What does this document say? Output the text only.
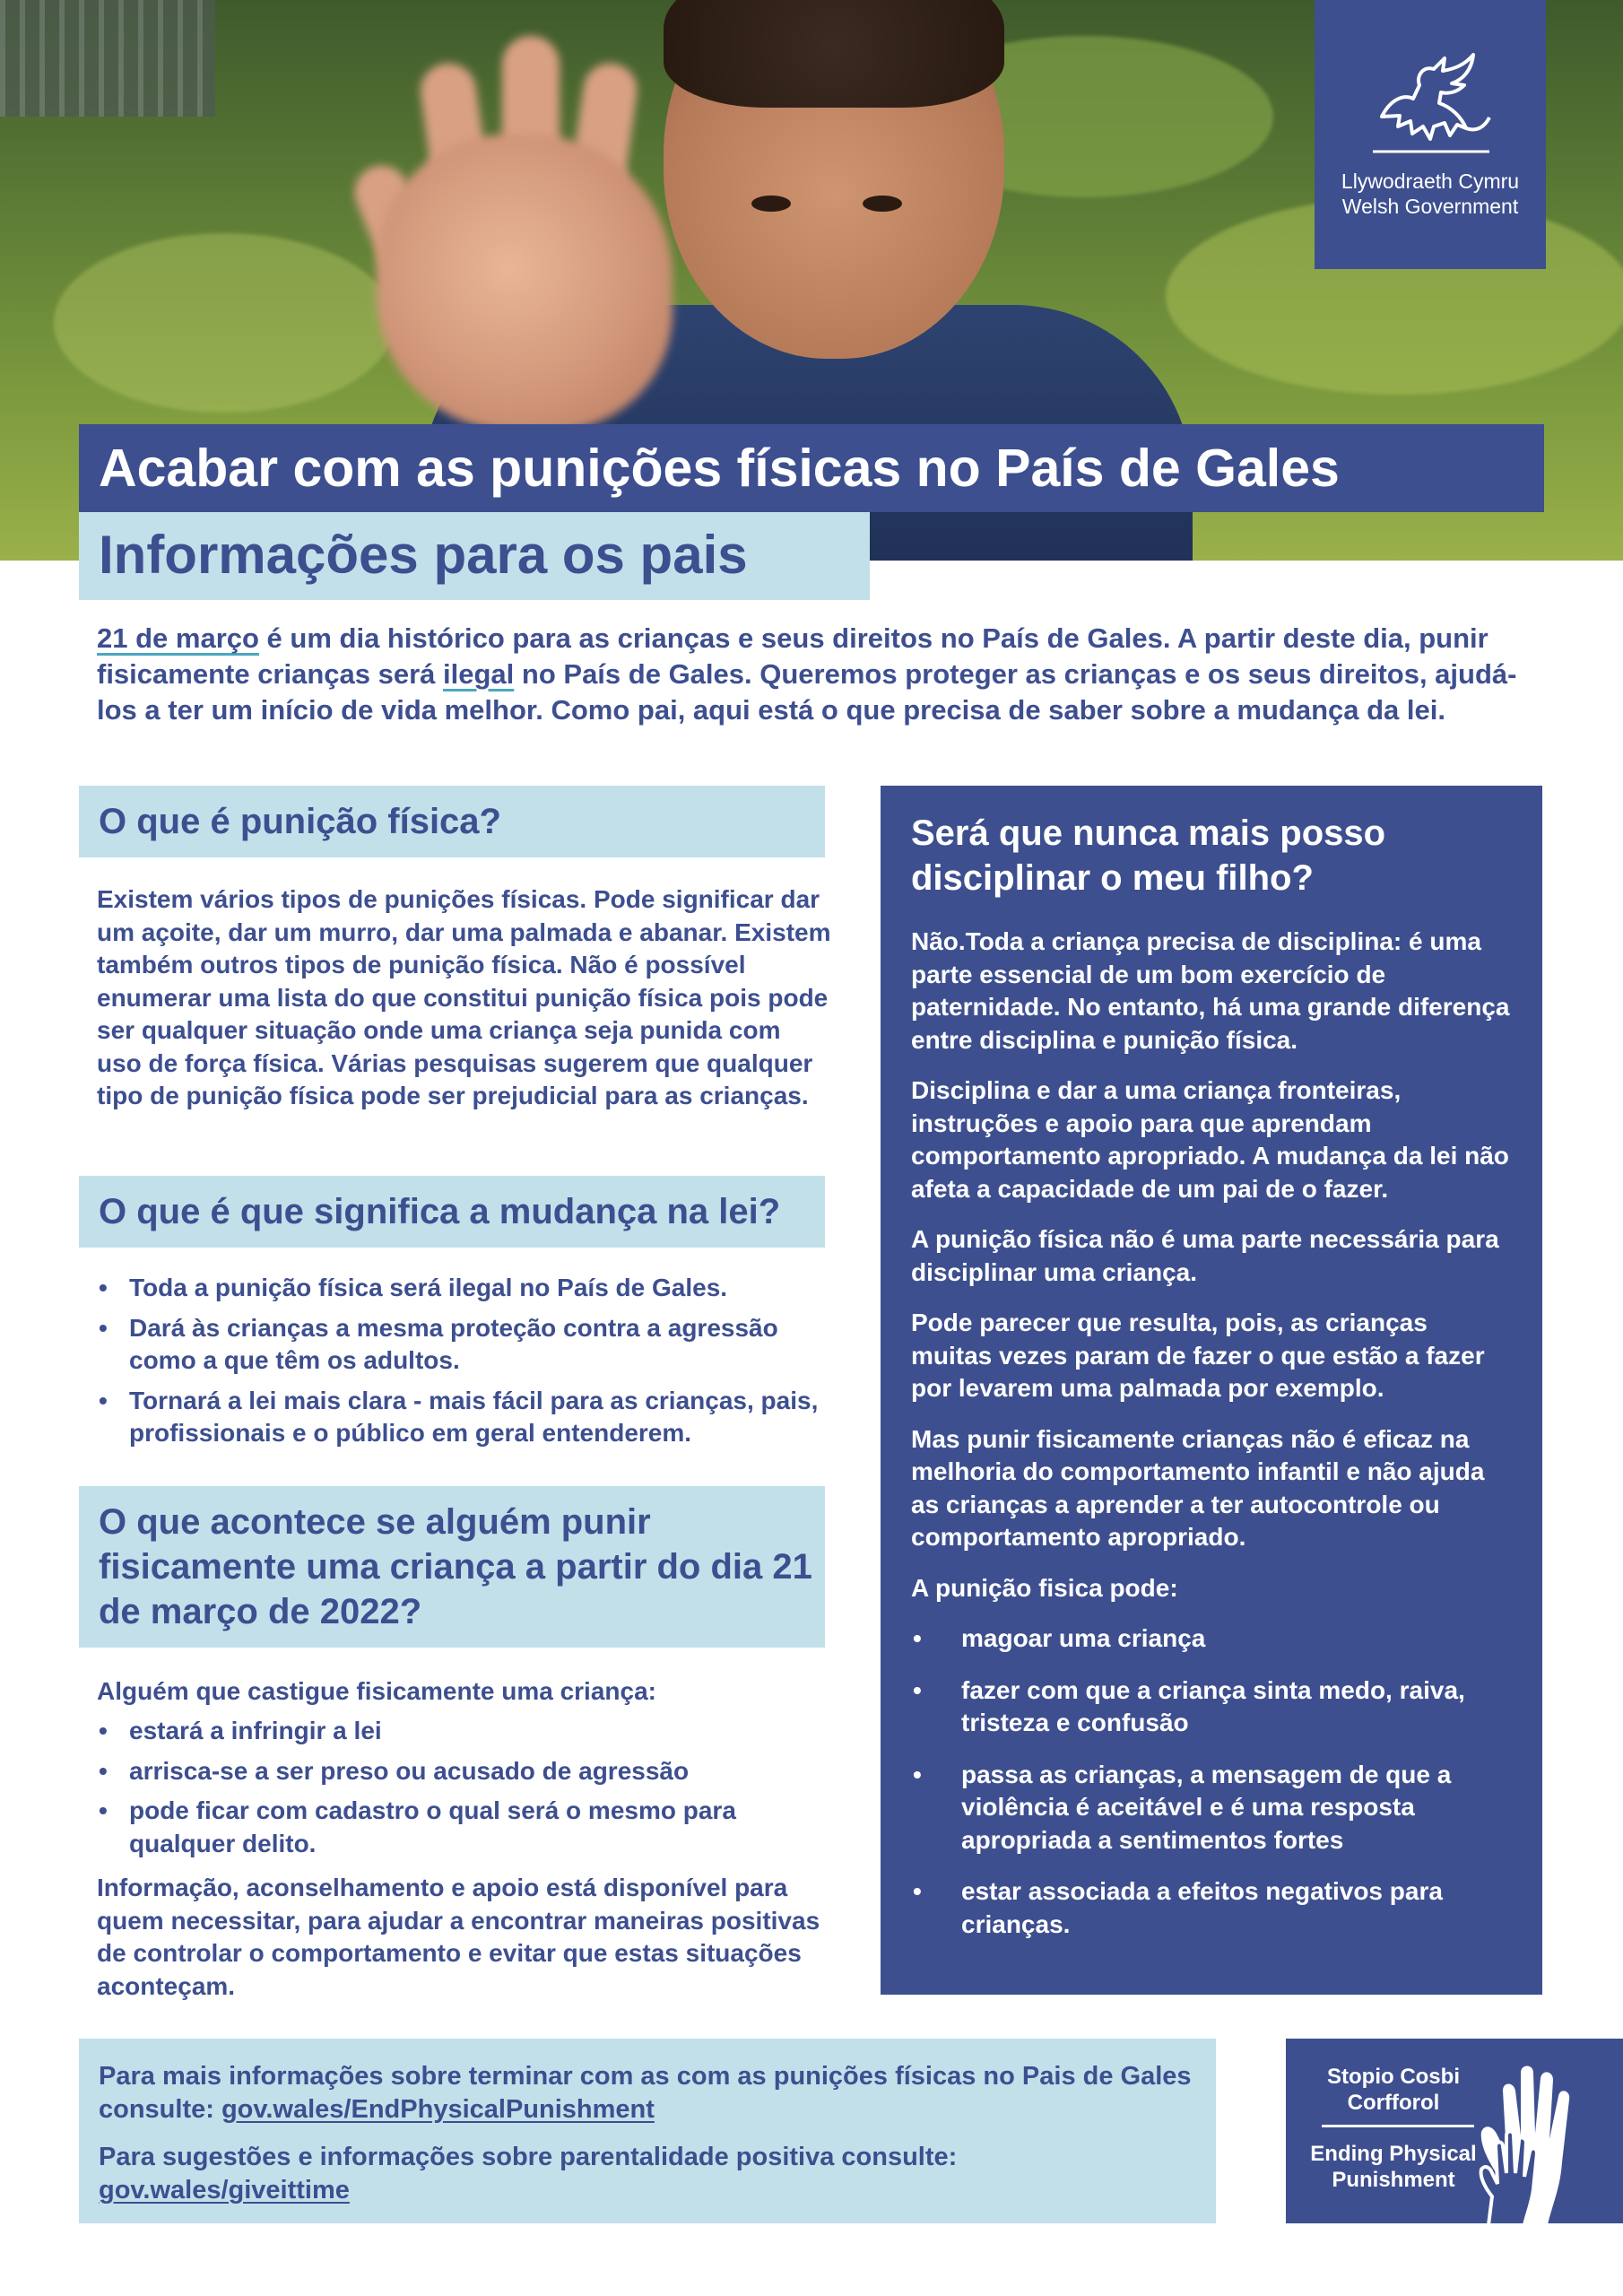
Llywodraeth Cymru
Welsh Government
Acabar com as punições físicas no País de Gales
Informações para os pais

21 de março é um dia histórico para as crianças e seus direitos no País de Gales. A partir deste dia, punir fisicamente crianças será ilegal no País de Gales. Queremos proteger as crianças e os seus direitos, ajudá-los a ter um início de vida melhor. Como pai, aqui está o que precisa de saber sobre a mudança da lei.

O que é punição física?

Existem vários tipos de punições físicas. Pode significar dar um açoite, dar um murro, dar uma palmada e abanar. Existem também outros tipos de punição física. Não é possível enumerar uma lista do que constitui punição física pois pode ser qualquer situação onde uma criança seja punida com uso de força física. Várias pesquisas sugerem que qualquer tipo de punição física pode ser prejudicial para as crianças.

O que é que significa a mudança na lei?
• Toda a punição física será ilegal no País de Gales.
• Dará às crianças a mesma proteção contra a agressão como a que têm os adultos.
• Tornará a lei mais clara - mais fácil para as crianças, pais, profissionais e o público em geral entenderem.
O que acontece se alguém punir fisicamente uma criança a partir do dia 21 de março de 2022?

Alguém que castigue fisicamente uma criança:

• estará a infringir a lei
• arrisca-se a ser preso ou acusado de agressão
• pode ficar com cadastro o qual será o mesmo para qualquer delito.

Informação, aconselhamento e apoio está disponível para quem necessitar, para ajudar a encontrar maneiras positivas de controlar o comportamento e evitar que estas situações aconteçam.

Será que nunca mais posso disciplinar o meu filho?

Não.Toda a criança precisa de disciplina: é uma parte essencial de um bom exercício de paternidade. No entanto, há uma grande diferença entre disciplina e punição física.

Disciplina e dar a uma criança fronteiras, instruções e apoio para que aprendam comportamento apropriado. A mudança da lei não afeta a capacidade de um pai de o fazer.

A punição física não é uma parte necessária para disciplinar uma criança.

Pode parecer que resulta, pois, as crianças muitas vezes param de fazer o que estão a fazer por levarem uma palmada por exemplo.

Mas punir fisicamente crianças não é eficaz na melhoria do comportamento infantil e não ajuda as crianças a aprender a ter autocontrole ou comportamento apropriado.

A punição fisica pode:

• magoar uma criança
• fazer com que a criança sinta medo, raiva, tristeza e confusão
• passa as crianças, a mensagem de que a violência é aceitável e é uma resposta apropriada a sentimentos fortes
• estar associada a efeitos negativos para crianças.

Para mais informações sobre terminar com as com as punições físicas no Pais de Gales consulte: gov.wales/EndPhysicalPunishment

Para sugestões e informações sobre parentalidade positiva consulte: gov.wales/giveittime

Stopio Cosbi Corfforol
Ending Physical Punishment
